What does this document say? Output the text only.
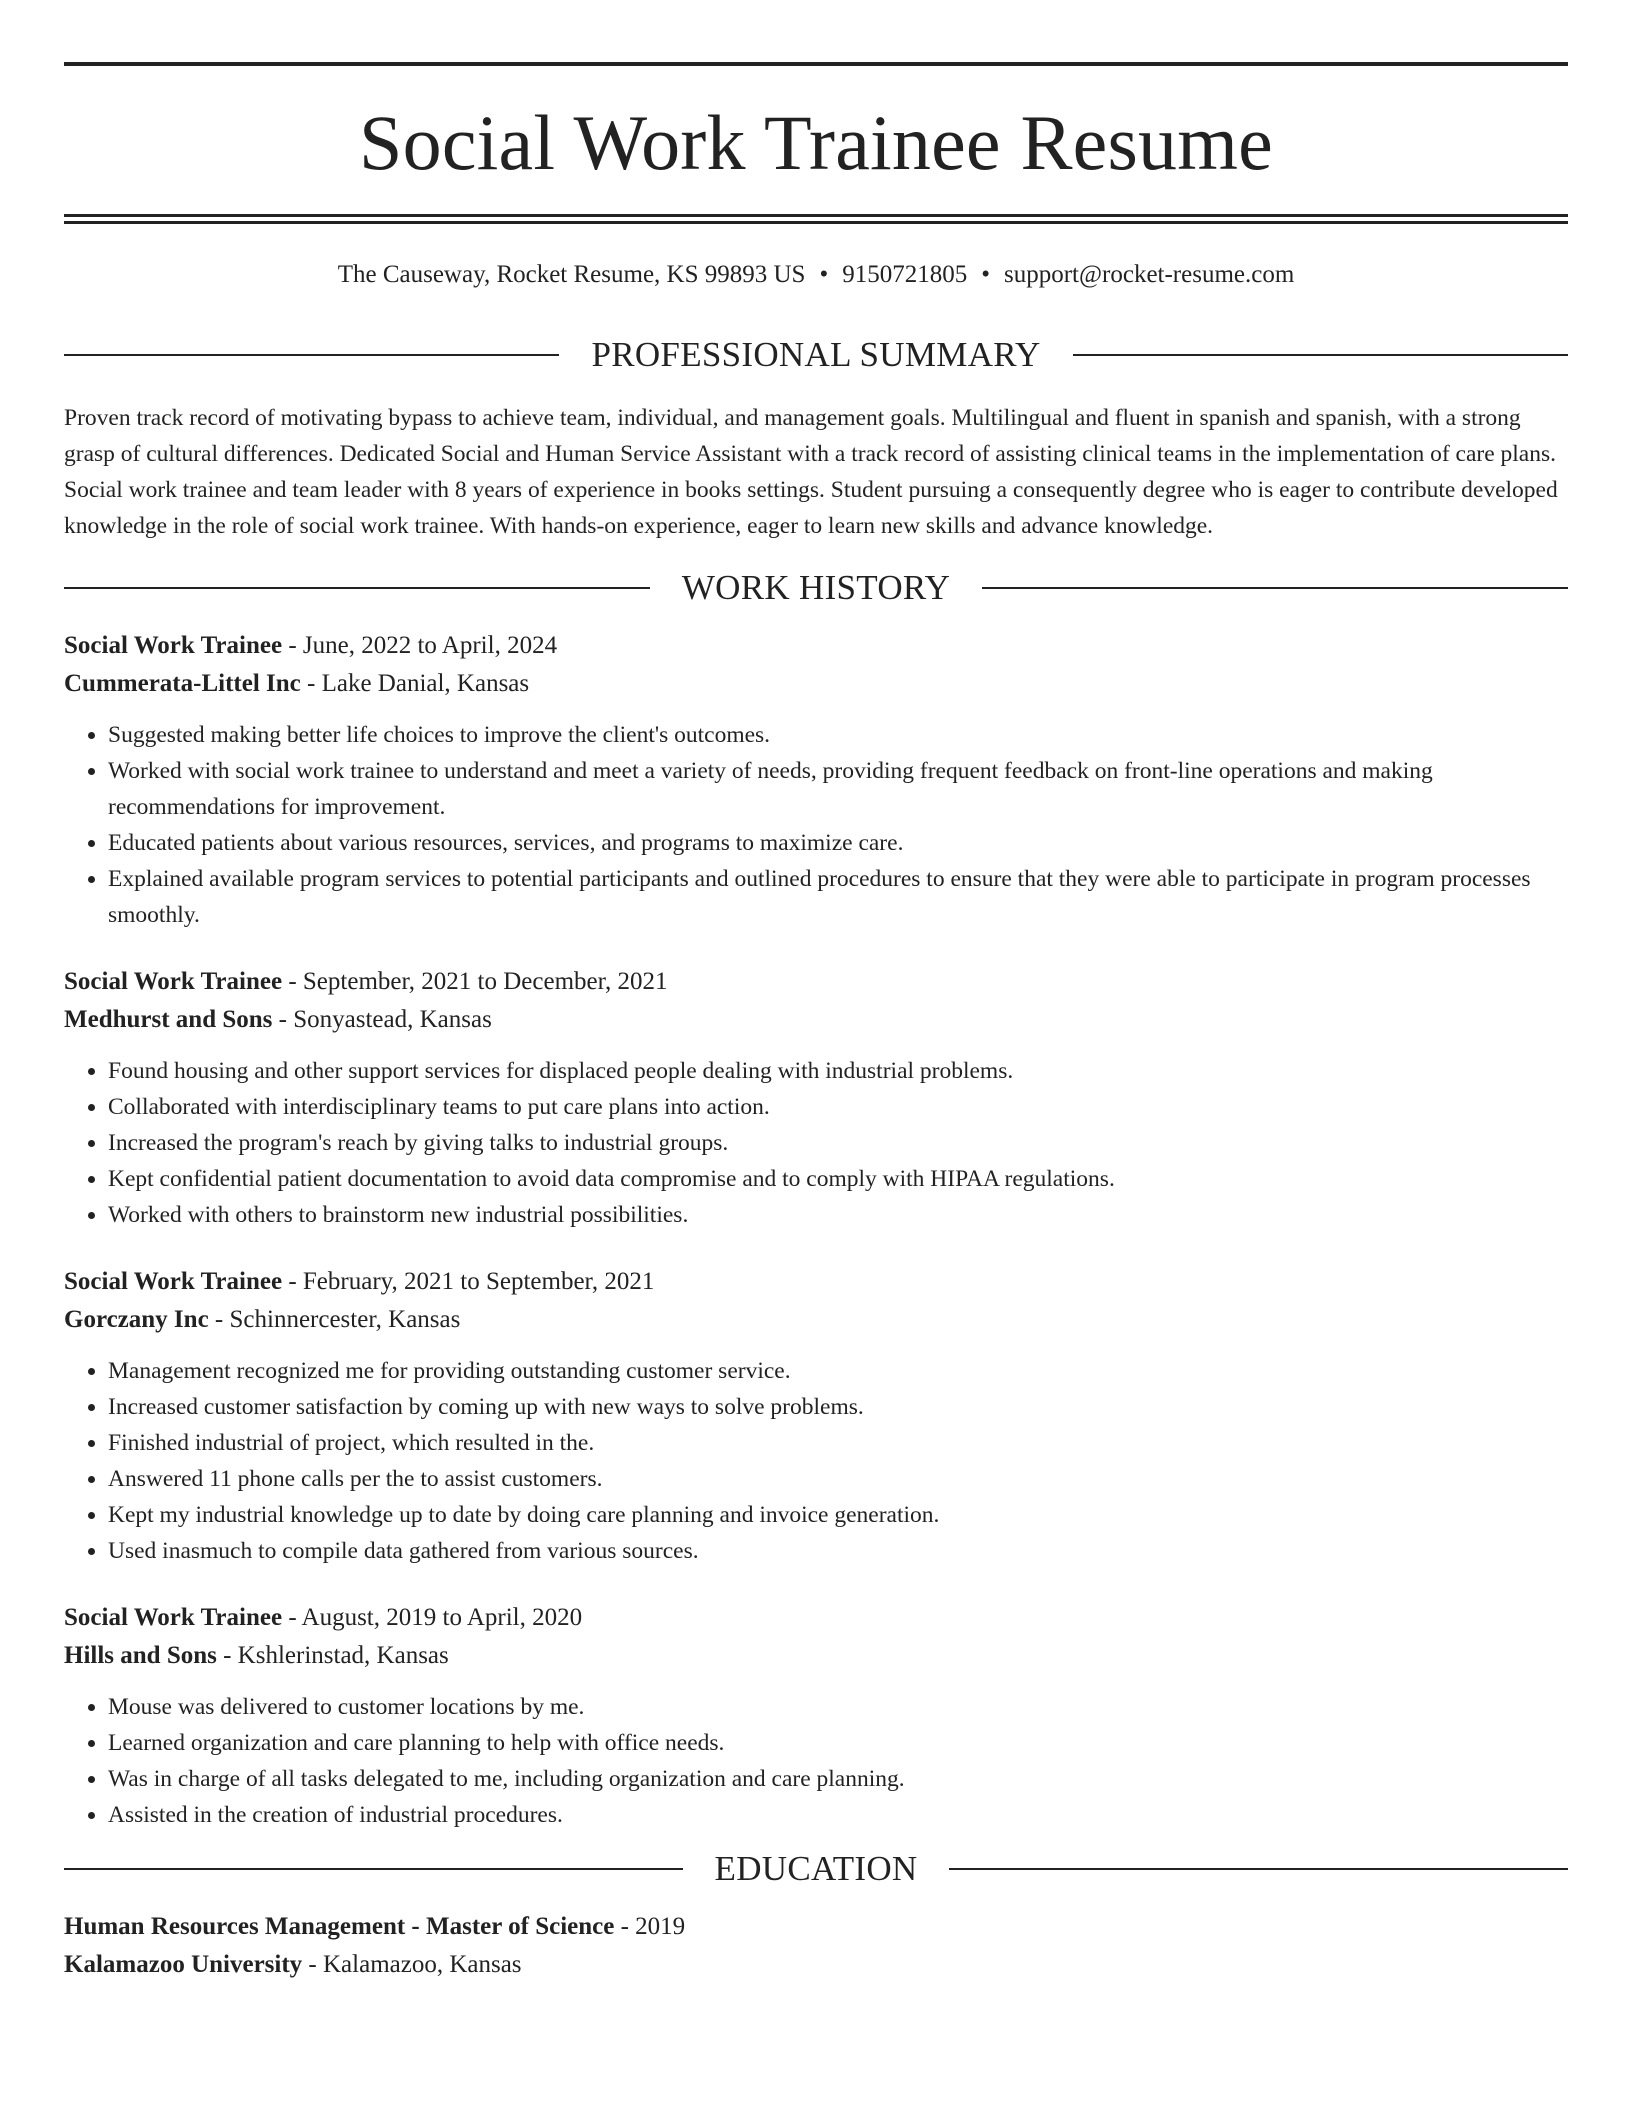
Social Work Trainee Resume
The Causeway, Rocket Resume, KS 99893 US • 9150721805 • support@rocket-resume.com
PROFESSIONAL SUMMARY

Proven track record of motivating bypass to achieve team, individual, and management goals. Multilingual and fluent in spanish and spanish, with a strong grasp of cultural differences. Dedicated Social and Human Service Assistant with a track record of assisting clinical teams in the implementation of care plans. Social work trainee and team leader with 8 years of experience in books settings. Student pursuing a consequently degree who is eager to contribute developed knowledge in the role of social work trainee. With hands-on experience, eager to learn new skills and advance knowledge.

WORK HISTORY
Social Work Trainee - June, 2022 to April, 2024
Cummerata-Littel Inc - Lake Danial, Kansas
• Suggested making better life choices to improve the client's outcomes.
• Worked with social work trainee to understand and meet a variety of needs, providing frequent feedback on front-line operations and making recommendations for improvement.
• Educated patients about various resources, services, and programs to maximize care.
• Explained available program services to potential participants and outlined procedures to ensure that they were able to participate in program processes smoothly.
Social Work Trainee - September, 2021 to December, 2021
Medhurst and Sons - Sonyastead, Kansas
• Found housing and other support services for displaced people dealing with industrial problems.
• Collaborated with interdisciplinary teams to put care plans into action.
• Increased the program's reach by giving talks to industrial groups.
• Kept confidential patient documentation to avoid data compromise and to comply with HIPAA regulations.
• Worked with others to brainstorm new industrial possibilities.
Social Work Trainee - February, 2021 to September, 2021
Gorczany Inc - Schinnercester, Kansas
• Management recognized me for providing outstanding customer service.
• Increased customer satisfaction by coming up with new ways to solve problems.
• Finished industrial of project, which resulted in the.
• Answered 11 phone calls per the to assist customers.
• Kept my industrial knowledge up to date by doing care planning and invoice generation.
• Used inasmuch to compile data gathered from various sources.
Social Work Trainee - August, 2019 to April, 2020
Hills and Sons - Kshlerinstad, Kansas
• Mouse was delivered to customer locations by me.
• Learned organization and care planning to help with office needs.
• Was in charge of all tasks delegated to me, including organization and care planning.
• Assisted in the creation of industrial procedures.
EDUCATION
Human Resources Management - Master of Science - 2019
Kalamazoo University - Kalamazoo, Kansas
